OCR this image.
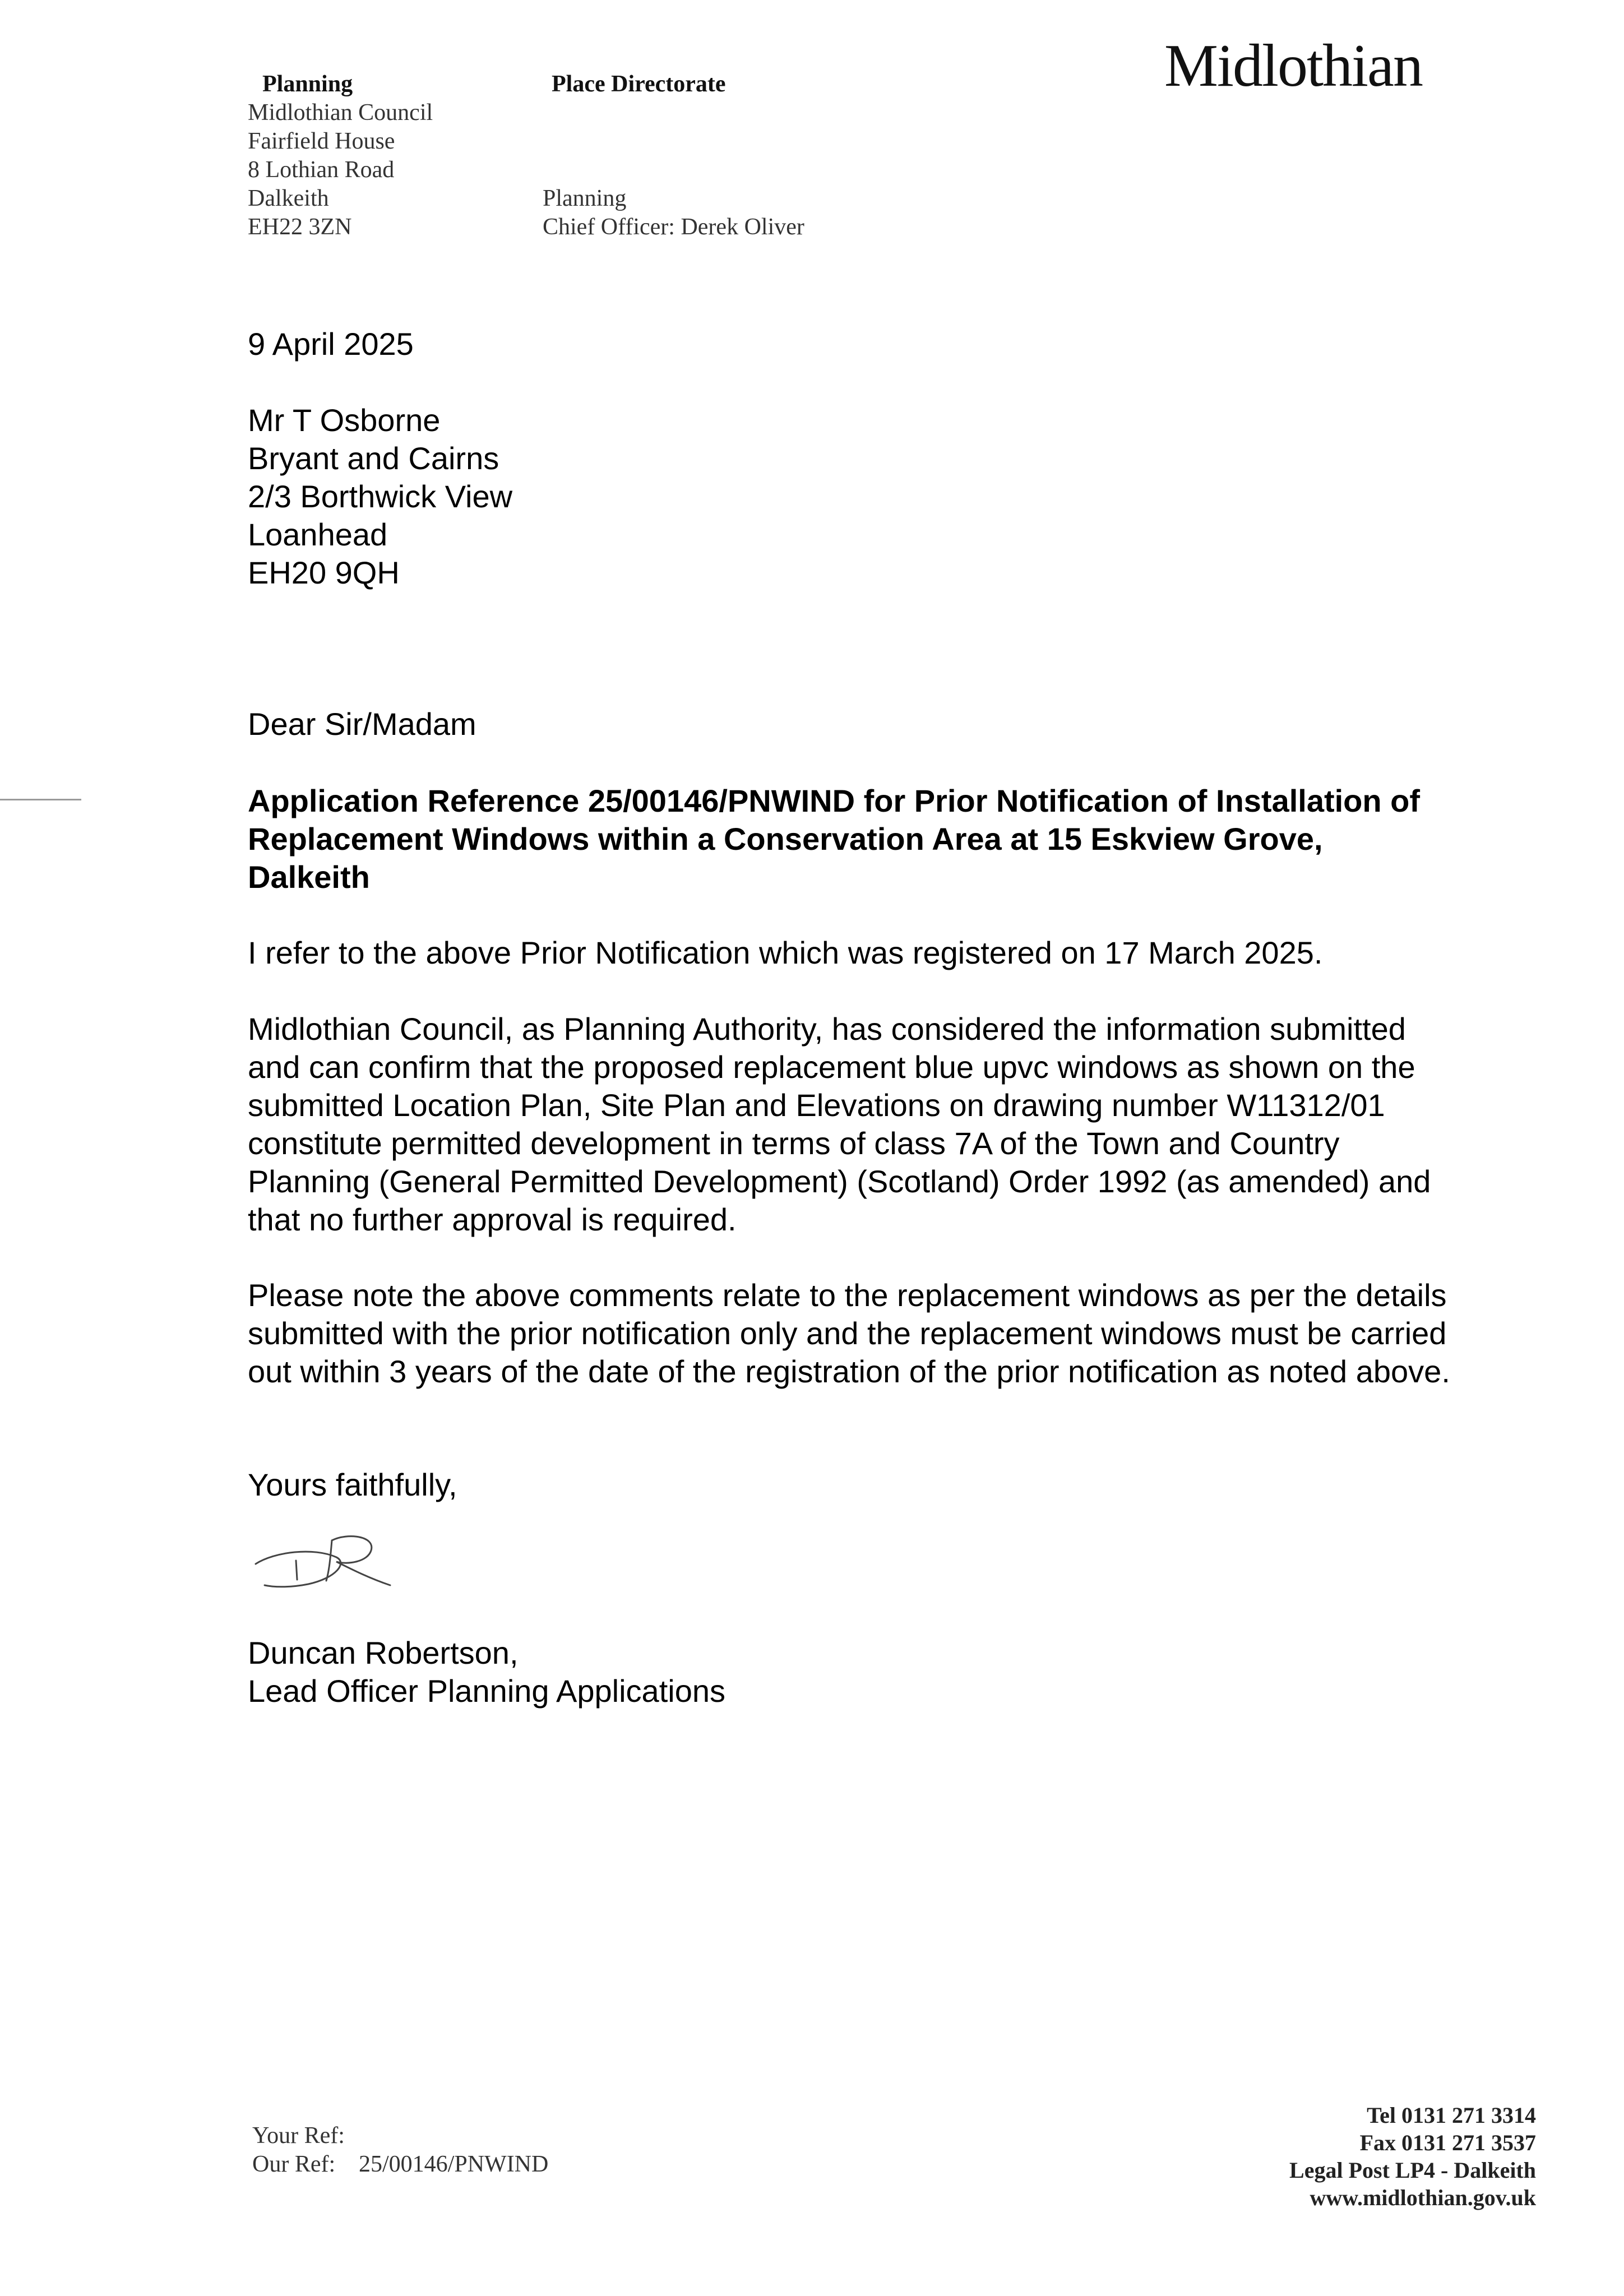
Planning
Midlothian Council
Fairfield House
8 Lothian Road
Dalkeith
EH22 3ZN
Place Directorate
Planning
Chief Officer: Derek Oliver
Midlothian
9 April 2025
Mr T Osborne
Bryant and Cairns
2/3 Borthwick View
Loanhead
EH20 9QH
Dear Sir/Madam
Application Reference 25/00146/PNWIND for Prior Notification of Installation of Replacement Windows within a Conservation Area at 15 Eskview Grove, Dalkeith
I refer to the above Prior Notification which was registered on 17 March 2025.
Midlothian Council, as Planning Authority, has considered the information submitted and can confirm that the proposed replacement blue upvc windows as shown on the submitted Location Plan, Site Plan and Elevations on drawing number W11312/01 constitute permitted development in terms of class 7A of the Town and Country Planning (General Permitted Development) (Scotland) Order 1992 (as amended) and that no further approval is required.
Please note the above comments relate to the replacement windows as per the details submitted with the prior notification only and the replacement windows must be carried out within 3 years of the date of the registration of the prior notification as noted above.
Yours faithfully,
Duncan Robertson,
Lead Officer Planning Applications
Your Ref:
Our Ref: 25/00146/PNWIND
Tel 0131 271 3314
Fax 0131 271 3537
Legal Post LP4 - Dalkeith
www.midlothian.gov.uk
